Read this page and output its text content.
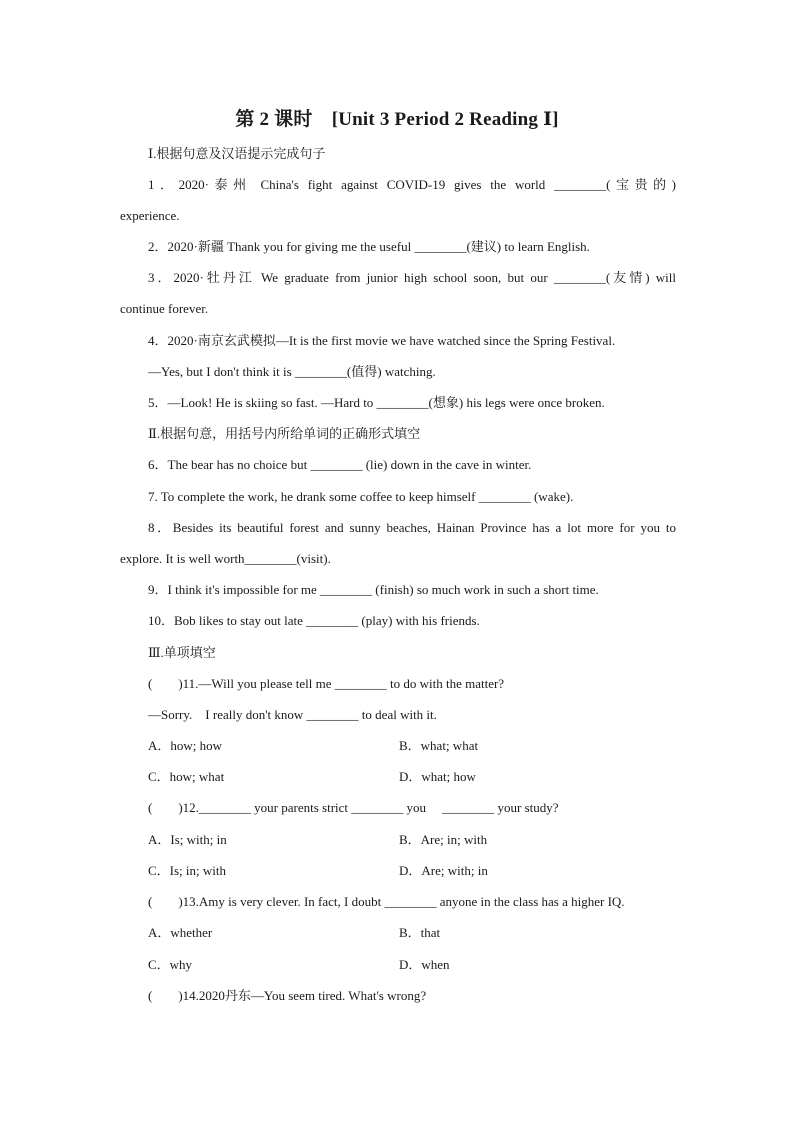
第 2 课时　[Unit 3 Period 2 Reading Ⅰ]
Ⅰ.根据句意及汉语提示完成句子
1．2020·泰州 China's fight against COVID-19 gives the world ________(宝贵的)
experience.
2．2020·新疆 Thank you for giving me the useful ________(建议) to learn English.
3．2020·牡丹江 We graduate from junior high school soon, but our ________(友情) will
continue forever.
4．2020·南京玄武模拟—It is the first movie we have watched since the Spring Festival.
—Yes, but I don't think it is ________(值得) watching.
5．—Look! He is skiing so fast. —Hard to ________(想象) his legs were once broken.
Ⅱ.根据句意，用括号内所给单词的正确形式填空
6．The bear has no choice but ________ (lie) down in the cave in winter.
7. To complete the work, he drank some coffee to keep himself ________ (wake).
8．Besides its beautiful forest and sunny beaches, Hainan Province has a lot more for you to
explore. It is well worth________(visit).
9．I think it's impossible for me ________ (finish) so much work in such a short time.
10．Bob likes to stay out late ________ (play) with his friends.
Ⅲ.单项填空
(　　)11.—Will you please tell me ________ to do with the matter?
—Sorry.　I really don't know ________ to deal with it.
A．how; how	B．what; what
C．how; what	D．what; how
(　　)12.________ your parents strict ________ you 　________ your study?
A．Is; with; in	B．Are; in; with
C．Is; in; with	D．Are; with; in
(　　)13.Amy is very clever. In fact, I doubt ________ anyone in the class has a higher IQ.
A．whether	B．that
C．why	D．when
(　　)14.2020丹东—You seem tired. What's wrong?
